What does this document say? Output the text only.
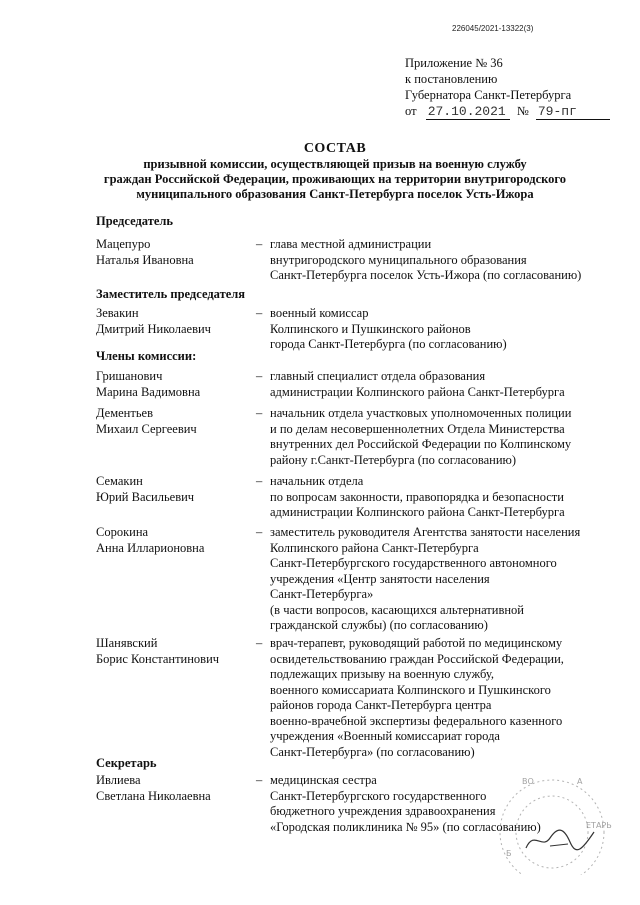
226045/2021-13322(3)
Приложение № 36
к постановлению
Губернатора Санкт-Петербурга
от 27.10.2021 № 79-пг
СОСТАВ
призывной комиссии, осуществляющей призыв на военную службу
граждан Российской Федерации, проживающих на территории внутригородского
муниципального образования Санкт-Петербурга поселок Усть-Ижора
Председатель
Мацепуро
Наталья Ивановна
– глава местной администрации
внутригородского муниципального образования
Санкт-Петербурга поселок Усть-Ижора (по согласованию)
Заместитель председателя
Зевакин
Дмитрий Николаевич
– военный комиссар
Колпинского и Пушкинского районов
города Санкт-Петербурга (по согласованию)
Члены комиссии:
Гришанович
Марина Вадимовна
– главный специалист отдела образования
администрации Колпинского района Санкт-Петербурга
Дементьев
Михаил Сергеевич
– начальник отдела участковых уполномоченных полиции
и по делам несовершеннолетних Отдела Министерства
внутренних дел Российской Федерации по Колпинскому
району г.Санкт-Петербурга (по согласованию)
Семакин
Юрий Васильевич
– начальник отдела
по вопросам законности, правопорядка и безопасности
администрации Колпинского района Санкт-Петербурга
Сорокина
Анна Илларионовна
– заместитель руководителя Агентства занятости населения
Колпинского района Санкт-Петербурга
Санкт-Петербургского государственного автономного
учреждения «Центр занятости населения
Санкт-Петербурга»
(в части вопросов, касающихся альтернативной
гражданской службы) (по согласованию)
Шанявский
Борис Константинович
– врач-терапевт, руководящий работой по медицинскому
освидетельствованию граждан Российской Федерации,
подлежащих призыву на военную службу,
военного комиссариата Колпинского и Пушкинского
районов города Санкт-Петербурга центра
военно-врачебной экспертизы федерального казенного
учреждения «Военный комиссариат города
Санкт-Петербурга» (по согласованию)
Секретарь
Ивлиева
Светлана Николаевна
– медицинская сестра
Санкт-Петербургского государственного
бюджетного учреждения здравоохранения
«Городская поликлиника № 95» (по согласованию)
ВО	А
ЕТАРЬ
Б
